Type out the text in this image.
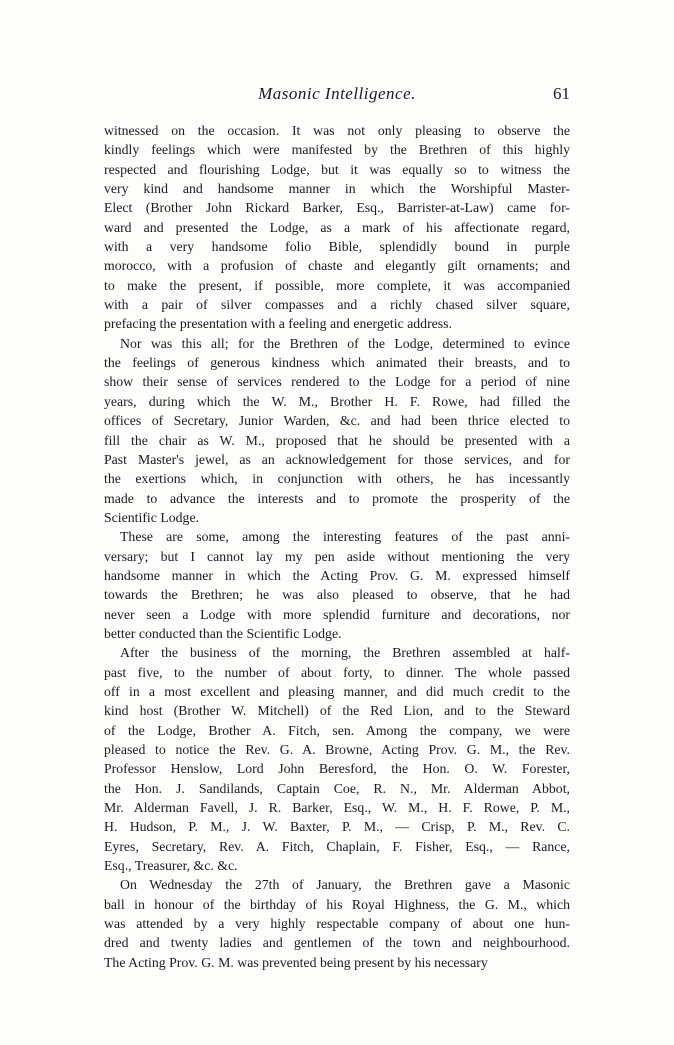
Masonic Intelligence.	61

witnessed on the occasion. It was not only pleasing to observe the
kindly feelings which were manifested by the Brethren of this highly
respected and flourishing Lodge, but it was equally so to witness the
very kind and handsome manner in which the Worshipful Master-
Elect (Brother John Rickard Barker, Esq., Barrister-at-Law) came for-
ward and presented the Lodge, as a mark of his affectionate regard,
with a very handsome folio Bible, splendidly bound in purple
morocco, with a profusion of chaste and elegantly gilt ornaments; and
to make the present, if possible, more complete, it was accompanied
with a pair of silver compasses and a richly chased silver square,
prefacing the presentation with a feeling and energetic address.

Nor was this all; for the Brethren of the Lodge, determined to evince
the feelings of generous kindness which animated their breasts, and to
show their sense of services rendered to the Lodge for a period of nine
years, during which the W. M., Brother H. F. Rowe, had filled the
offices of Secretary, Junior Warden, &c. and had been thrice elected to
fill the chair as W. M., proposed that he should be presented with a
Past Master's jewel, as an acknowledgement for those services, and for
the exertions which, in conjunction with others, he has incessantly
made to advance the interests and to promote the prosperity of the
Scientific Lodge.

These are some, among the interesting features of the past anni-
versary; but I cannot lay my pen aside without mentioning the very
handsome manner in which the Acting Prov. G. M. expressed himself
towards the Brethren; he was also pleased to observe, that he had
never seen a Lodge with more splendid furniture and decorations, nor
better conducted than the Scientific Lodge.

After the business of the morning, the Brethren assembled at half-
past five, to the number of about forty, to dinner. The whole passed
off in a most excellent and pleasing manner, and did much credit to the
kind host (Brother W. Mitchell) of the Red Lion, and to the Steward
of the Lodge, Brother A. Fitch, sen. Among the company, we were
pleased to notice the Rev. G. A. Browne, Acting Prov. G. M., the Rev.
Professor Henslow, Lord John Beresford, the Hon. O. W. Forester,
the Hon. J. Sandilands, Captain Coe, R. N., Mr. Alderman Abbot,
Mr. Alderman Favell, J. R. Barker, Esq., W. M., H. F. Rowe, P. M.,
H. Hudson, P. M., J. W. Baxter, P. M., — Crisp, P. M., Rev. C.
Eyres, Secretary, Rev. A. Fitch, Chaplain, F. Fisher, Esq., — Rance,
Esq., Treasurer, &c. &c.

On Wednesday the 27th of January, the Brethren gave a Masonic
ball in honour of the birthday of his Royal Highness, the G. M., which
was attended by a very highly respectable company of about one hun-
dred and twenty ladies and gentlemen of the town and neighbourhood.
The Acting Prov. G. M. was prevented being present by his necessary
